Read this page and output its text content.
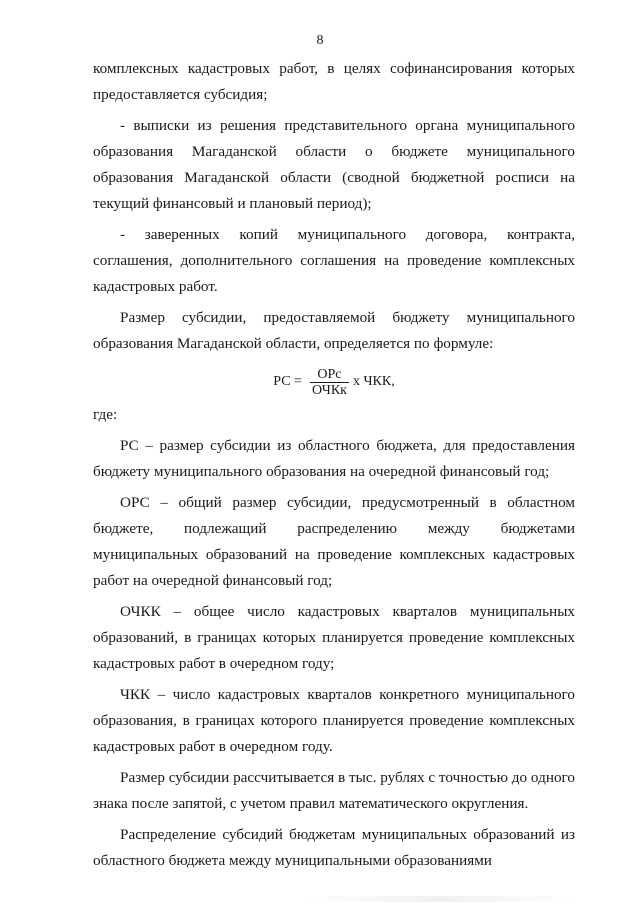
8

комплексных кадастровых работ, в целях софинансирования которых предоставляется субсидия;

- выписки из решения представительного органа муниципального образования Магаданской области о бюджете муниципального образования Магаданской области (сводной бюджетной росписи на текущий финансовый и плановый период);

- заверенных копий муниципального договора, контракта, соглашения, дополнительного соглашения на проведение комплексных кадастровых работ.

Размер субсидии, предоставляемой бюджету муниципального образования Магаданской области, определяется по формуле:

РС = $\frac{\text{ОРс}}{\text{ОЧКк}}$ х ЧКК,

где:

РС – размер субсидии из областного бюджета, для предоставления бюджету муниципального образования на очередной финансовый год;

ОРС – общий размер субсидии, предусмотренный в областном бюджете, подлежащий распределению между бюджетами муниципальных образований на проведение комплексных кадастровых работ на очередной финансовый год;

ОЧКК – общее число кадастровых кварталов муниципальных образований, в границах которых планируется проведение комплексных кадастровых работ в очередном году;

ЧКК – число кадастровых кварталов конкретного муниципального образования, в границах которого планируется проведение комплексных кадастровых работ в очередном году.

Размер субсидии рассчитывается в тыс. рублях с точностью до одного знака после запятой, с учетом правил математического округления.

Распределение субсидий бюджетам муниципальных образований из областного бюджета между муниципальными образованиями
